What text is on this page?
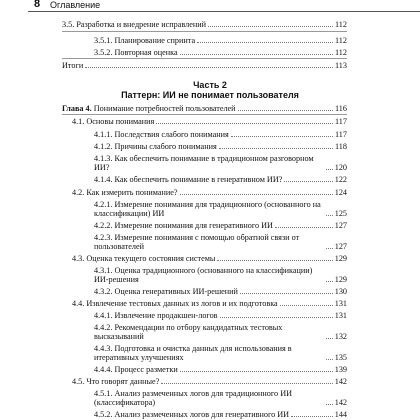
8 Оглавление
3.5. Разработка и внедрение исправлений	112
3.5.1. Планирование спринта	112
3.5.2. Повторная оценка	112
Итоги	113
Часть 2
Паттерн: ИИ не понимает пользователя
Глава 4. Понимание потребностей пользователей	116
4.1. Основы понимания	117
4.1.1. Последствия слабого понимания	117
4.1.2. Причины слабого понимания	118
4.1.3. Как обеспечить понимание в традиционном разговорном ИИ?	120
4.1.4. Как обеспечить понимание в генеративном ИИ?	122
4.2. Как измерить понимание?	124
4.2.1. Измерение понимания для традиционного (основанного на классификации) ИИ	125
4.2.2. Измерение понимания для генеративного ИИ	127
4.2.3. Измерение понимания с помощью обратной связи от пользователей	127
4.3. Оценка текущего состояния системы	129
4.3.1. Оценка традиционного (основанного на классификации) ИИ-решения	129
4.3.2. Оценка генеративных ИИ-решений	130
4.4. Извлечение тестовых данных из логов и их подготовка	131
4.4.1. Извлечение продакшен-логов	131
4.4.2. Рекомендации по отбору кандидатных тестовых высказываний	132
4.4.3. Подготовка и очистка данных для использования в итеративных улучшениях	135
4.4.4. Процесс разметки	139
4.5. Что говорят данные?	142
4.5.1. Анализ размеченных логов для традиционного ИИ (классификатора)	142
4.5.2. Анализ размеченных логов для генеративного ИИ	144
